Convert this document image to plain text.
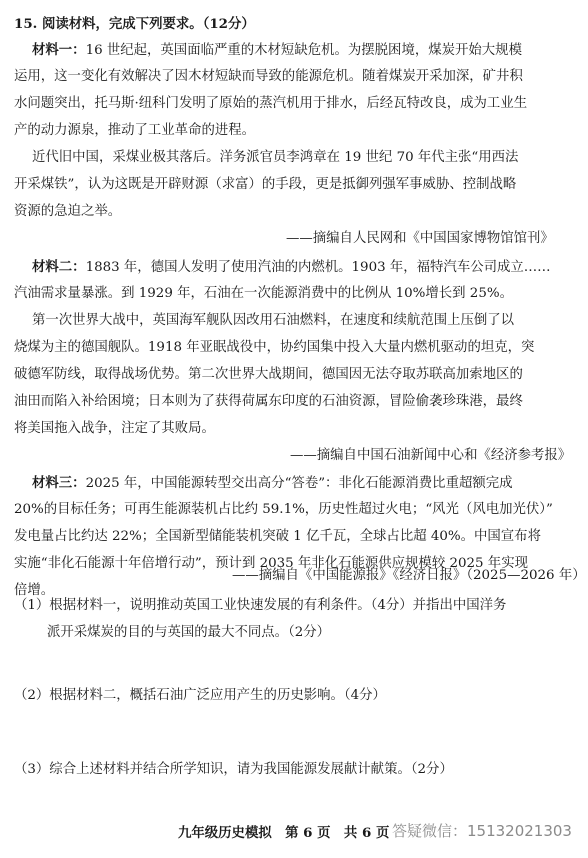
15. 阅读材料，完成下列要求。（12分）
材料一：16 世纪起，英国面临严重的木材短缺危机。为摆脱困境，煤炭开始大规模
运用，这一变化有效解决了因木材短缺而导致的能源危机。随着煤炭开采加深，矿井积
水问题突出，托马斯·纽科门发明了原始的蒸汽机用于排水，后经瓦特改良，成为工业生
产的动力源泉，推动了工业革命的进程。
近代旧中国，采煤业极其落后。洋务派官员李鸿章在 19 世纪 70 年代主张“用西法
开采煤铁”，认为这既是开辟财源（求富）的手段，更是抵御列强军事威胁、控制战略
资源的急迫之举。
——摘编自人民网和《中国国家博物馆馆刊》
材料二：1883 年，德国人发明了使用汽油的内燃机。1903 年，福特汽车公司成立……
汽油需求量暴涨。到 1929 年，石油在一次能源消费中的比例从 10%增长到 25%。
第一次世界大战中，英国海军舰队因改用石油燃料，在速度和续航范围上压倒了以
烧煤为主的德国舰队。1918 年亚眠战役中，协约国集中投入大量内燃机驱动的坦克，突
破德军防线，取得战场优势。第二次世界大战期间，德国因无法夺取苏联高加索地区的
油田而陷入补给困境；日本则为了获得荷属东印度的石油资源，冒险偷袭珍珠港，最终
将美国拖入战争，注定了其败局。
——摘编自中国石油新闻中心和《经济参考报》
材料三：2025 年，中国能源转型交出高分“答卷”：非化石能源消费比重超额完成
20%的目标任务；可再生能源装机占比约 59.1%，历史性超过火电；“风光（风电加光伏）”
发电量占比约达 22%；全国新型储能装机突破 1 亿千瓦，全球占比超 40%。中国宣布将
实施“非化石能源十年倍增行动”，预计到 2035 年非化石能源供应规模较 2025 年实现
倍增。
——摘编自《中国能源报》《经济日报》（2025—2026 年）
（1）根据材料一，说明推动英国工业快速发展的有利条件。（4分）并指出中国洋务
派开采煤炭的目的与英国的最大不同点。（2分）
（2）根据材料二，概括石油广泛应用产生的历史影响。（4分）
（3）综合上述材料并结合所学知识，请为我国能源发展献计献策。（2分）
九年级历史模拟　第 6 页　共 6 页 答疑微信：15132021303
